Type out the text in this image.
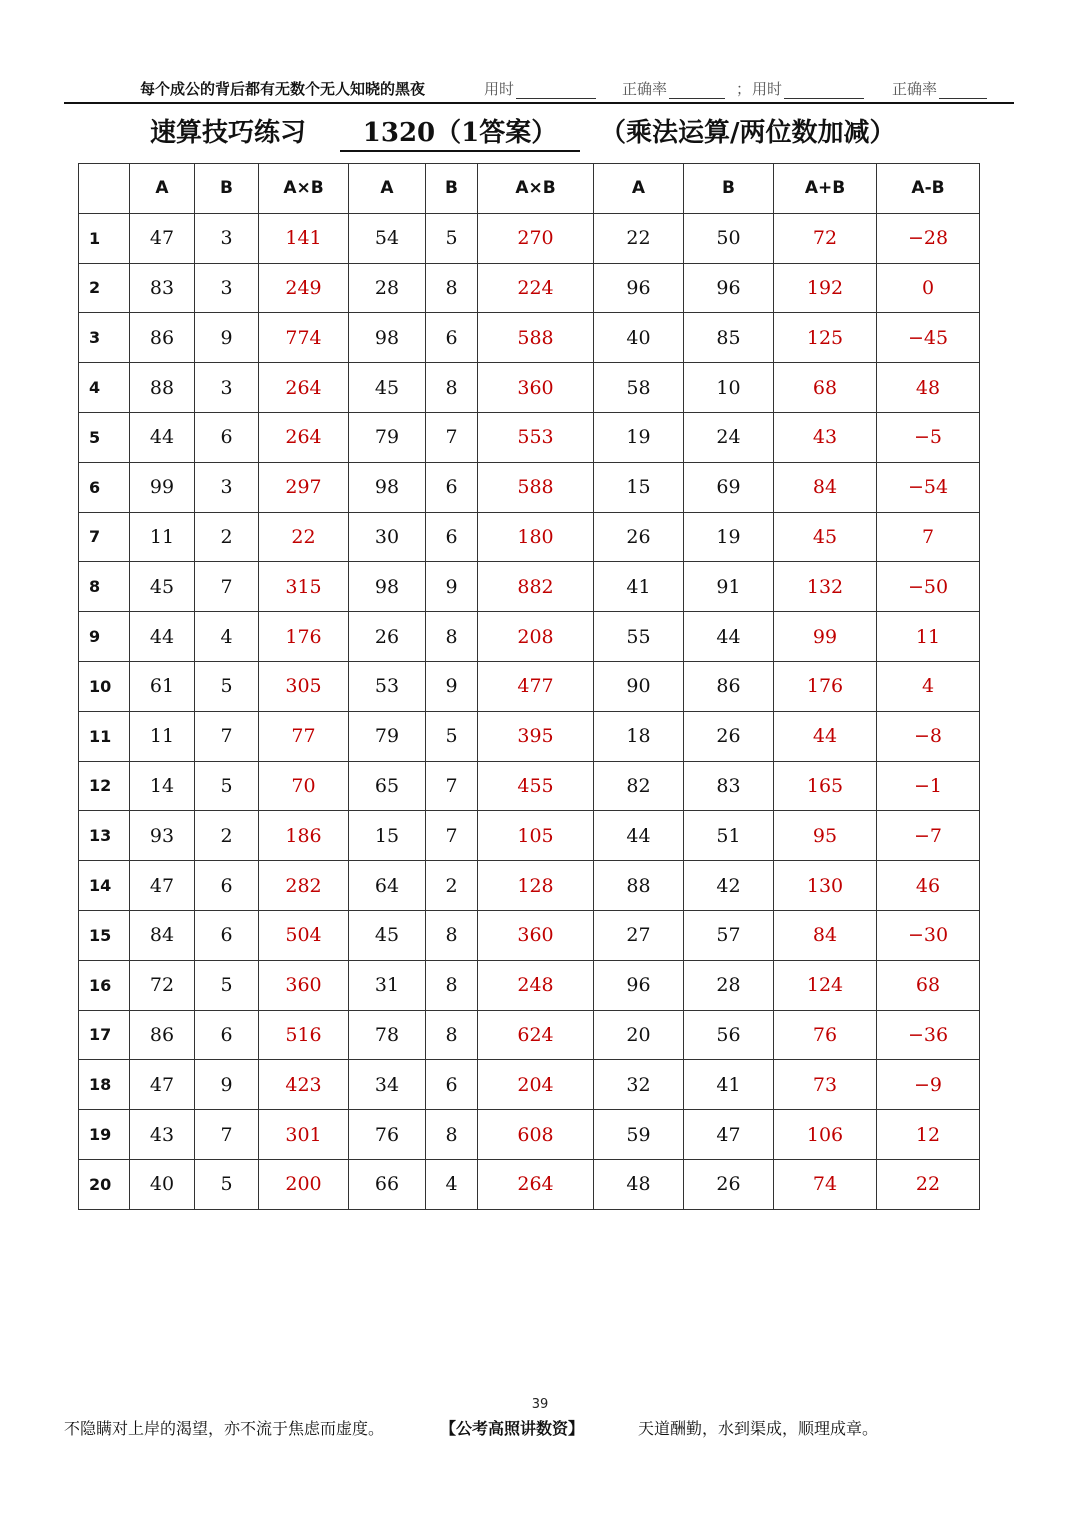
每个成公的背后都有无数个无人知晓的黑夜	用时	正确率	； 用时	正确率
速算技巧练习	1320（1答案）	（乘法运算/两位数加减）
	A	B	A×B	A	B	A×B	A	B	A+B	A-B
1	47	3	141	54	5	270	22	50	72	−28
2	83	3	249	28	8	224	96	96	192	0
3	86	9	774	98	6	588	40	85	125	−45
4	88	3	264	45	8	360	58	10	68	48
5	44	6	264	79	7	553	19	24	43	−5
6	99	3	297	98	6	588	15	69	84	−54
7	11	2	22	30	6	180	26	19	45	7
8	45	7	315	98	9	882	41	91	132	−50
9	44	4	176	26	8	208	55	44	99	11
10	61	5	305	53	9	477	90	86	176	4
11	11	7	77	79	5	395	18	26	44	−8
12	14	5	70	65	7	455	82	83	165	−1
13	93	2	186	15	7	105	44	51	95	−7
14	47	6	282	64	2	128	88	42	130	46
15	84	6	504	45	8	360	27	57	84	−30
16	72	5	360	31	8	248	96	28	124	68
17	86	6	516	78	8	624	20	56	76	−36
18	47	9	423	34	6	204	32	41	73	−9
19	43	7	301	76	8	608	59	47	106	12
20	40	5	200	66	4	264	48	26	74	22
39
不隐瞒对上岸的渴望，亦不流于焦虑而虚度。	【公考高照讲数资】	天道酬勤，水到渠成，顺理成章。
